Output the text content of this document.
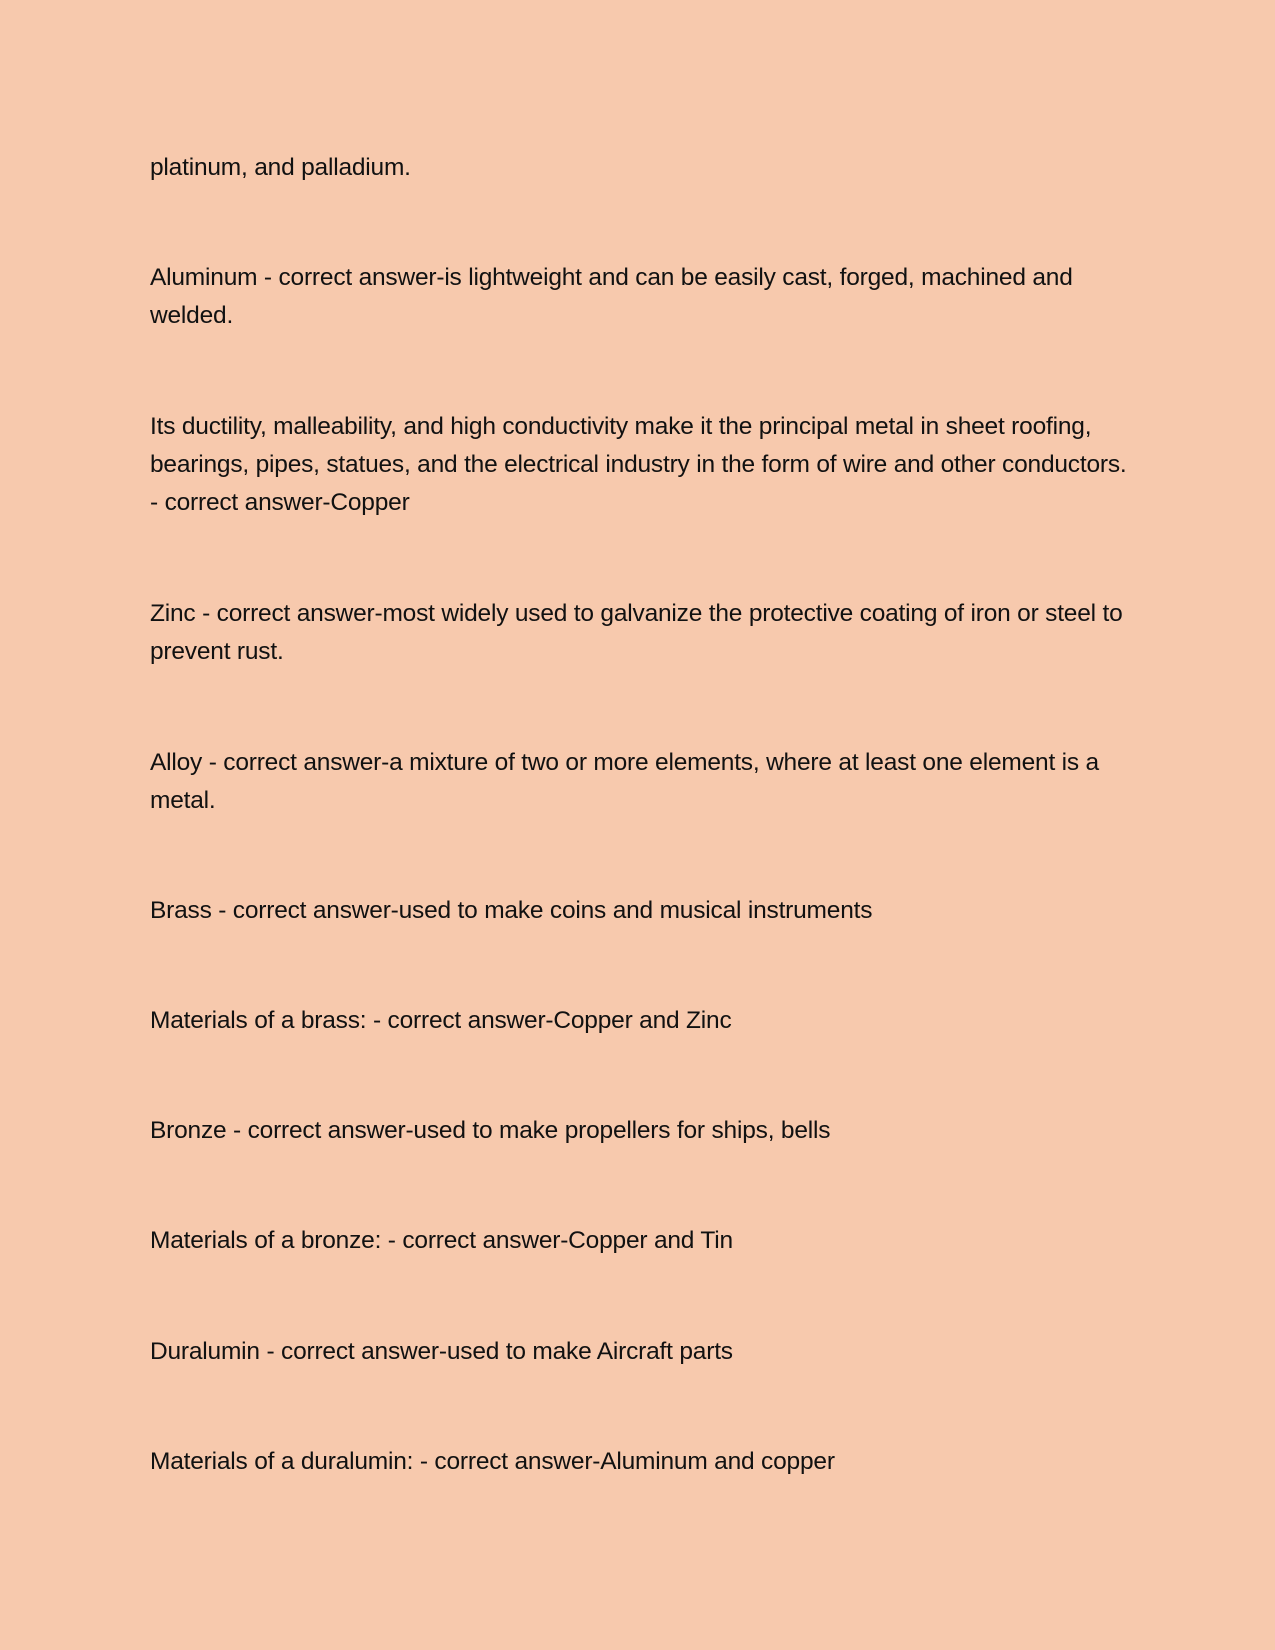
platinum, and palladium.

Aluminum - correct answer-is lightweight and can be easily cast, forged, machined and welded.

Its ductility, malleability, and high conductivity make it the principal metal in sheet roofing, bearings, pipes, statues, and the electrical industry in the form of wire and other conductors. - correct answer-Copper

Zinc - correct answer-most widely used to galvanize the protective coating of iron or steel to prevent rust.

Alloy - correct answer-a mixture of two or more elements, where at least one element is a metal.

Brass - correct answer-used to make coins and musical instruments

Materials of a brass: - correct answer-Copper and Zinc

Bronze - correct answer-used to make propellers for ships, bells

Materials of a bronze: - correct answer-Copper and Tin

Duralumin - correct answer-used to make Aircraft parts

Materials of a duralumin: - correct answer-Aluminum and copper
